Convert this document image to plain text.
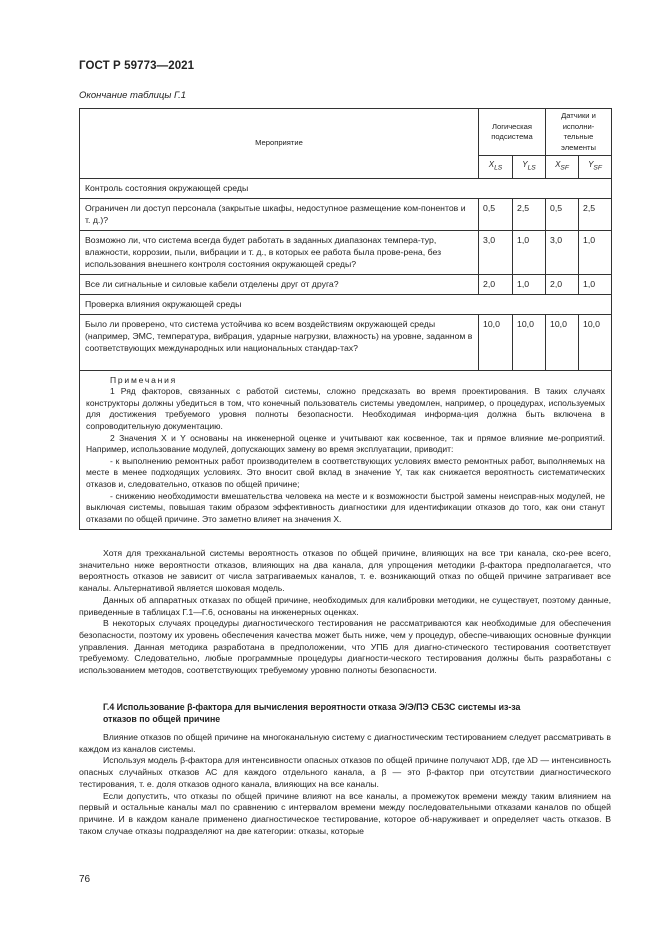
ГОСТ Р 59773—2021
Окончание таблицы Г.1
Мероприятие	Логическая подсистема		Датчики и исполни-тельные элементы	
	$X_{LS}$	$Y_{LS}$	$X_{SF}$	$Y_{SF}$
Контроль состояния окружающей среды				
Ограничен ли доступ персонала (закрытые шкафы, недоступное размещение ком-понентов и т. д.)?	0,5	2,5	0,5	2,5
Возможно ли, что система всегда будет работать в заданных диапазонах темпера-тур, влажности, коррозии, пыли, вибрации и т. д., в которых ее работа была прове-рена, без использования внешнего контроля состояния окружающей среды?	3,0	1,0	3,0	1,0
Все ли сигнальные и силовые кабели отделены друг от друга?	2,0	1,0	2,0	1,0
Проверка влияния окружающей среды				
Было ли проверено, что система устойчива ко всем воздействиям окружающей среды (например, ЭМС, температура, вибрация, ударные нагрузки, влажность) на уровне, заданном в соответствующих международных или национальных стандар-тах?	10,0	10,0	10,0	10,0

Примечания

1 Ряд факторов, связанных с работой системы, сложно предсказать во время проектирования. В таких случаях конструкторы должны убедиться в том, что конечный пользователь системы уведомлен, например, о процедурах, используемых для достижения требуемого уровня полноты безопасности. Необходимая информа-ция должна быть включена в сопроводительную документацию.

2 Значения X и Y основаны на инженерной оценке и учитывают как косвенное, так и прямое влияние ме-роприятий. Например, использование модулей, допускающих замену во время эксплуатации, приводит:

- к выполнению ремонтных работ производителем в соответствующих условиях вместо ремонтных работ, выполняемых на месте в менее подходящих условиях. Это вносит свой вклад в значение Y, так как снижается вероятность систематических отказов и, следовательно, отказов по общей причине;

- снижению необходимости вмешательства человека на месте и к возможности быстрой замены неисправ-ных модулей, не выключая системы, повышая таким образом эффективность диагностики для идентификации отказов до того, как они станут отказами по общей причине. Это заметно влияет на значения X.				

Хотя для трехканальной системы вероятность отказов по общей причине, влияющих на все три канала, ско-рее всего, значительно ниже вероятности отказов, влияющих на два канала, для упрощения методики β-фактора предполагается, что вероятность отказов не зависит от числа затрагиваемых каналов, т. е. возникающий отказ по общей причине затрагивает все каналы. Альтернативой является шоковая модель.

Данных об аппаратных отказах по общей причине, необходимых для калибровки методики, не существует, поэтому данные, приведенные в таблицах Г.1—Г.6, основаны на инженерных оценках.

В некоторых случаях процедуры диагностического тестирования не рассматриваются как необходимые для обеспечения безопасности, поэтому их уровень обеспечения качества может быть ниже, чем у процедур, обеспе-чивающих основные функции управления. Данная методика разработана в предположении, что УПБ для диагно-стического тестирования соответствует требуемому. Следовательно, любые программные процедуры диагности-ческого тестирования должны быть разработаны с использованием методов, соответствующих требуемому уровню полноты безопасности.

Г.4 Использование β-фактора для вычисления вероятности отказа Э/Э/ПЭ СБЗС системы из-за
отказов по общей причине

Влияние отказов по общей причине на многоканальную систему с диагностическим тестированием следует рассматривать в каждом из каналов системы.

Используя модель β-фактора для интенсивности опасных отказов по общей причине получают λDβ, где λD — интенсивность опасных случайных отказов АС для каждого отдельного канала, а β — это β-фактор при отсутствии диагностического тестирования, т. е. доля отказов одного канала, влияющих на все каналы.

Если допустить, что отказы по общей причине влияют на все каналы, а промежуток времени между таким влиянием на первый и остальные каналы мал по сравнению с интервалом времени между последовательными отказами каналов по общей причине. И в каждом канале применено диагностическое тестирование, которое об-наруживает и определяет часть отказов. В таком случае отказы подразделяют на две категории: отказы, которые

76
